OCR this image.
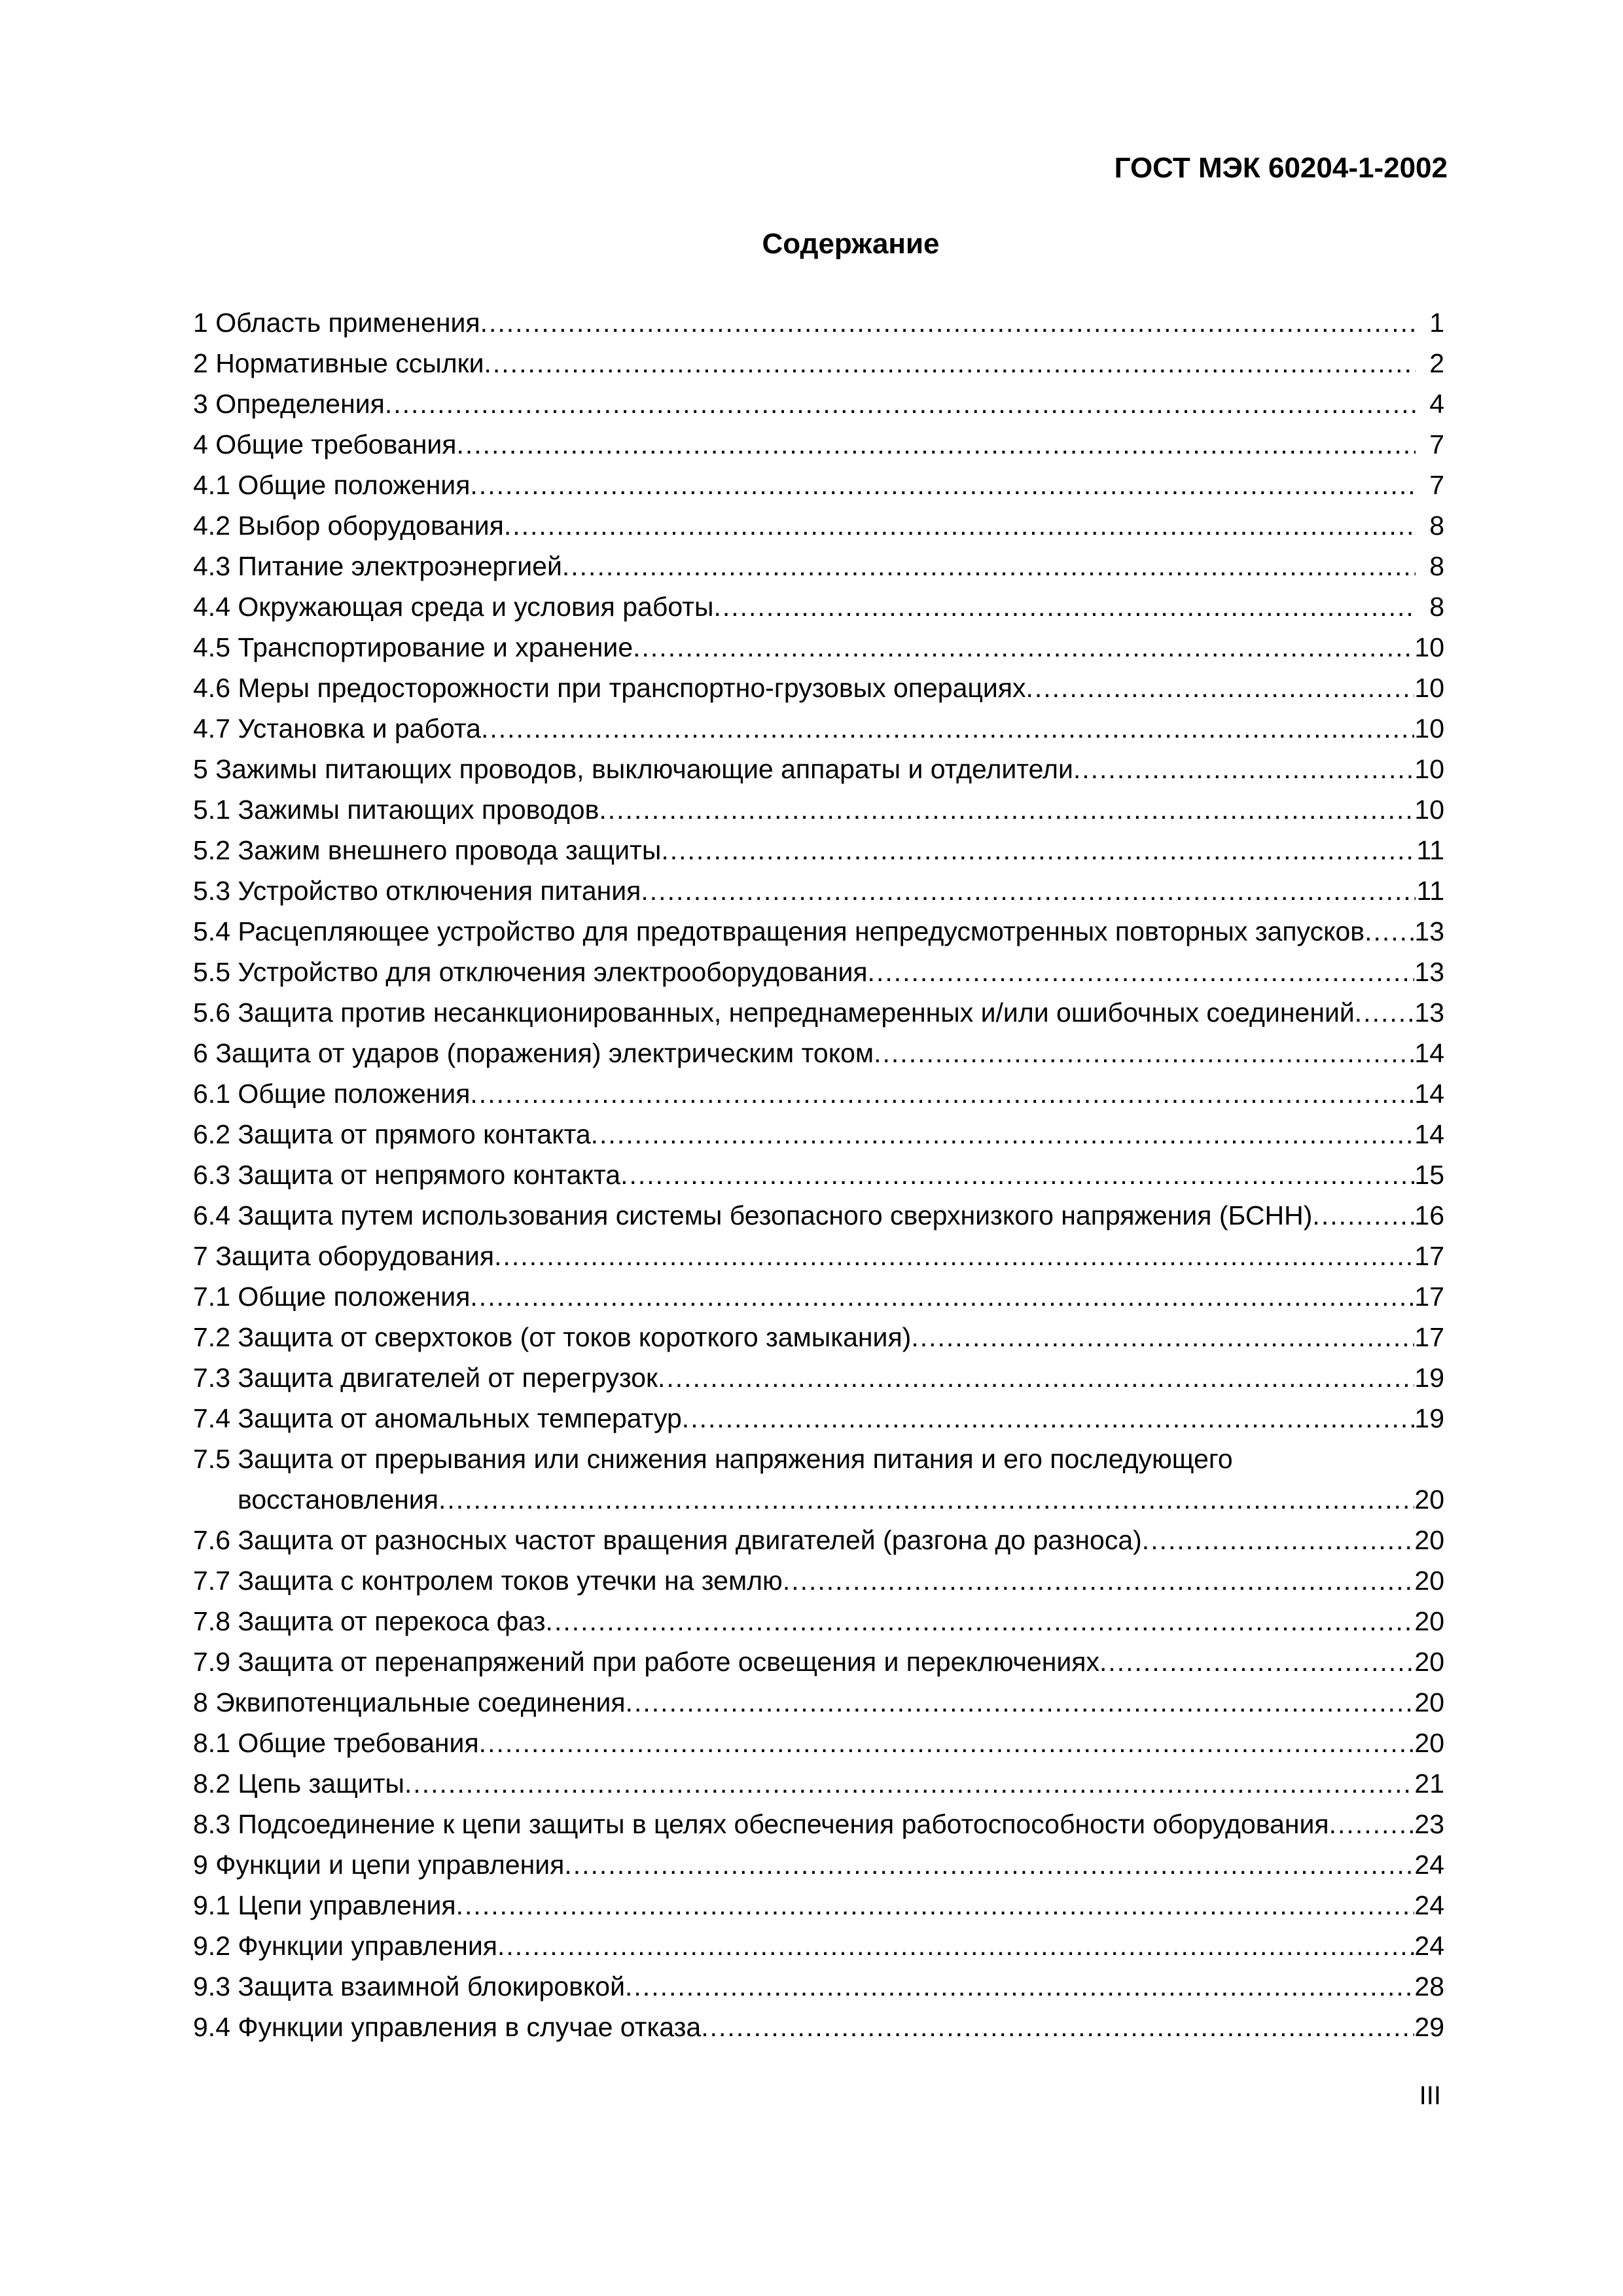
ГОСТ МЭК 60204-1-2002
Содержание
1 Область применения .....	1
2 Нормативные ссылки .....	2
3 Определения .....	4
4 Общие требования .....	7
4.1 Общие положения .....	7
4.2 Выбор оборудования .....	8
4.3 Питание электроэнергией .....	8
4.4 Окружающая среда и условия работы .....	8
4.5 Транспортирование и хранение .....	10
4.6 Меры предосторожности при транспортно-грузовых операциях .....	10
4.7 Установка и работа .....	10
5 Зажимы питающих проводов, выключающие аппараты и отделители .....	10
5.1 Зажимы питающих проводов .....	10
5.2 Зажим внешнего провода защиты .....	11
5.3 Устройство отключения питания .....	11
5.4 Расцепляющее устройство для предотвращения непредусмотренных повторных запусков ..... 13
5.5 Устройство для отключения электрооборудования .....	13
5.6 Защита против несанкционированных, непреднамеренных и/или ошибочных соединений ..... 13
6 Защита от ударов (поражения) электрическим током .....	14
6.1 Общие положения .....	14
6.2 Защита от прямого контакта .....	14
6.3 Защита от непрямого контакта .....	15
6.4 Защита путем использования системы безопасного сверхнизкого напряжения (БСНН) .....	16
7 Защита оборудования .....	17
7.1 Общие положения .....	17
7.2 Защита от сверхтоков (от токов короткого замыкания) .....	17
7.3 Защита двигателей от перегрузок .....	19
7.4 Защита от аномальных температур .....	19
7.5 Защита от прерывания или снижения напряжения питания и его последующего
восстановления .....	20
7.6 Защита от разносных частот вращения двигателей (разгона до разноса) .....	20
7.7 Защита с контролем токов утечки на землю .....	20
7.8 Защита от перекоса фаз .....	20
7.9 Защита от перенапряжений при работе освещения и переключениях .....	20
8 Эквипотенциальные соединения .....	20
8.1 Общие требования .....	20
8.2 Цепь защиты .....	21
8.3 Подсоединение к цепи защиты в целях обеспечения работоспособности оборудования .....	23
9 Функции и цепи управления .....	24
9.1 Цепи управления .....	24
9.2 Функции управления .....	24
9.3 Защита взаимной блокировкой .....	28
9.4 Функции управления в случае отказа .....	29
III
